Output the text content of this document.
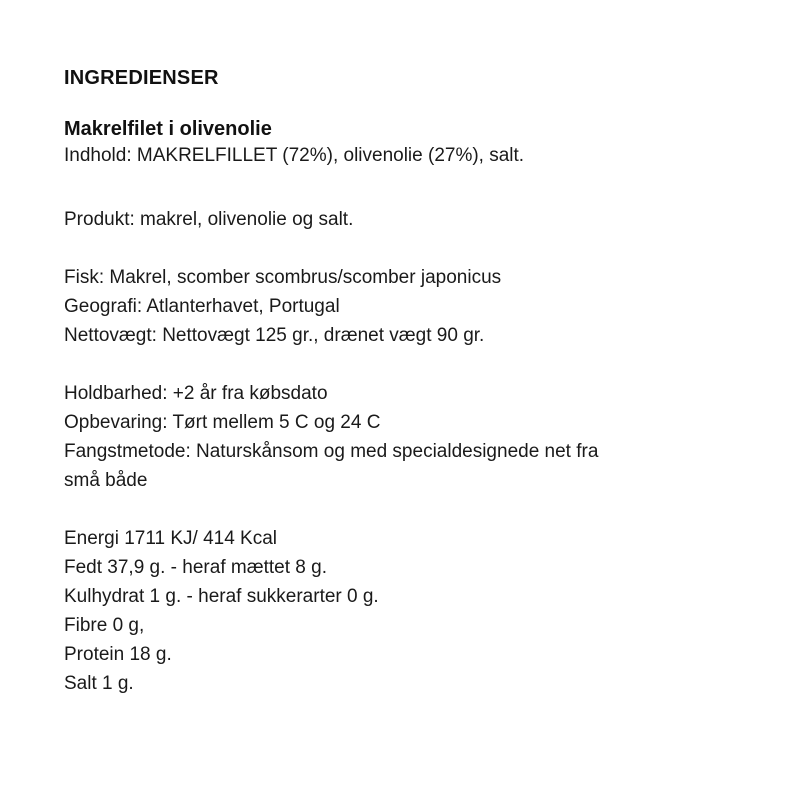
INGREDIENSER
Makrelfilet i olivenolie

Indhold: MAKRELFILLET (72%), olivenolie (27%), salt.

Produkt: makrel, olivenolie og salt.
Fisk: Makrel, scomber scombrus/scomber japonicus
Geografi: Atlanterhavet, Portugal
Nettovægt: Nettovægt 125 gr., drænet vægt 90 gr.
Holdbarhed: +2 år fra købsdato
Opbevaring: Tørt mellem 5 C og 24 C
Fangstmetode: Naturskånsom og med specialdesignede net fra
små både
Energi 1711 KJ/ 414 Kcal
Fedt 37,9 g. - heraf mættet 8 g.
Kulhydrat 1 g. - heraf sukkerarter 0 g.
Fibre 0 g,
Protein 18 g.
Salt 1 g.
